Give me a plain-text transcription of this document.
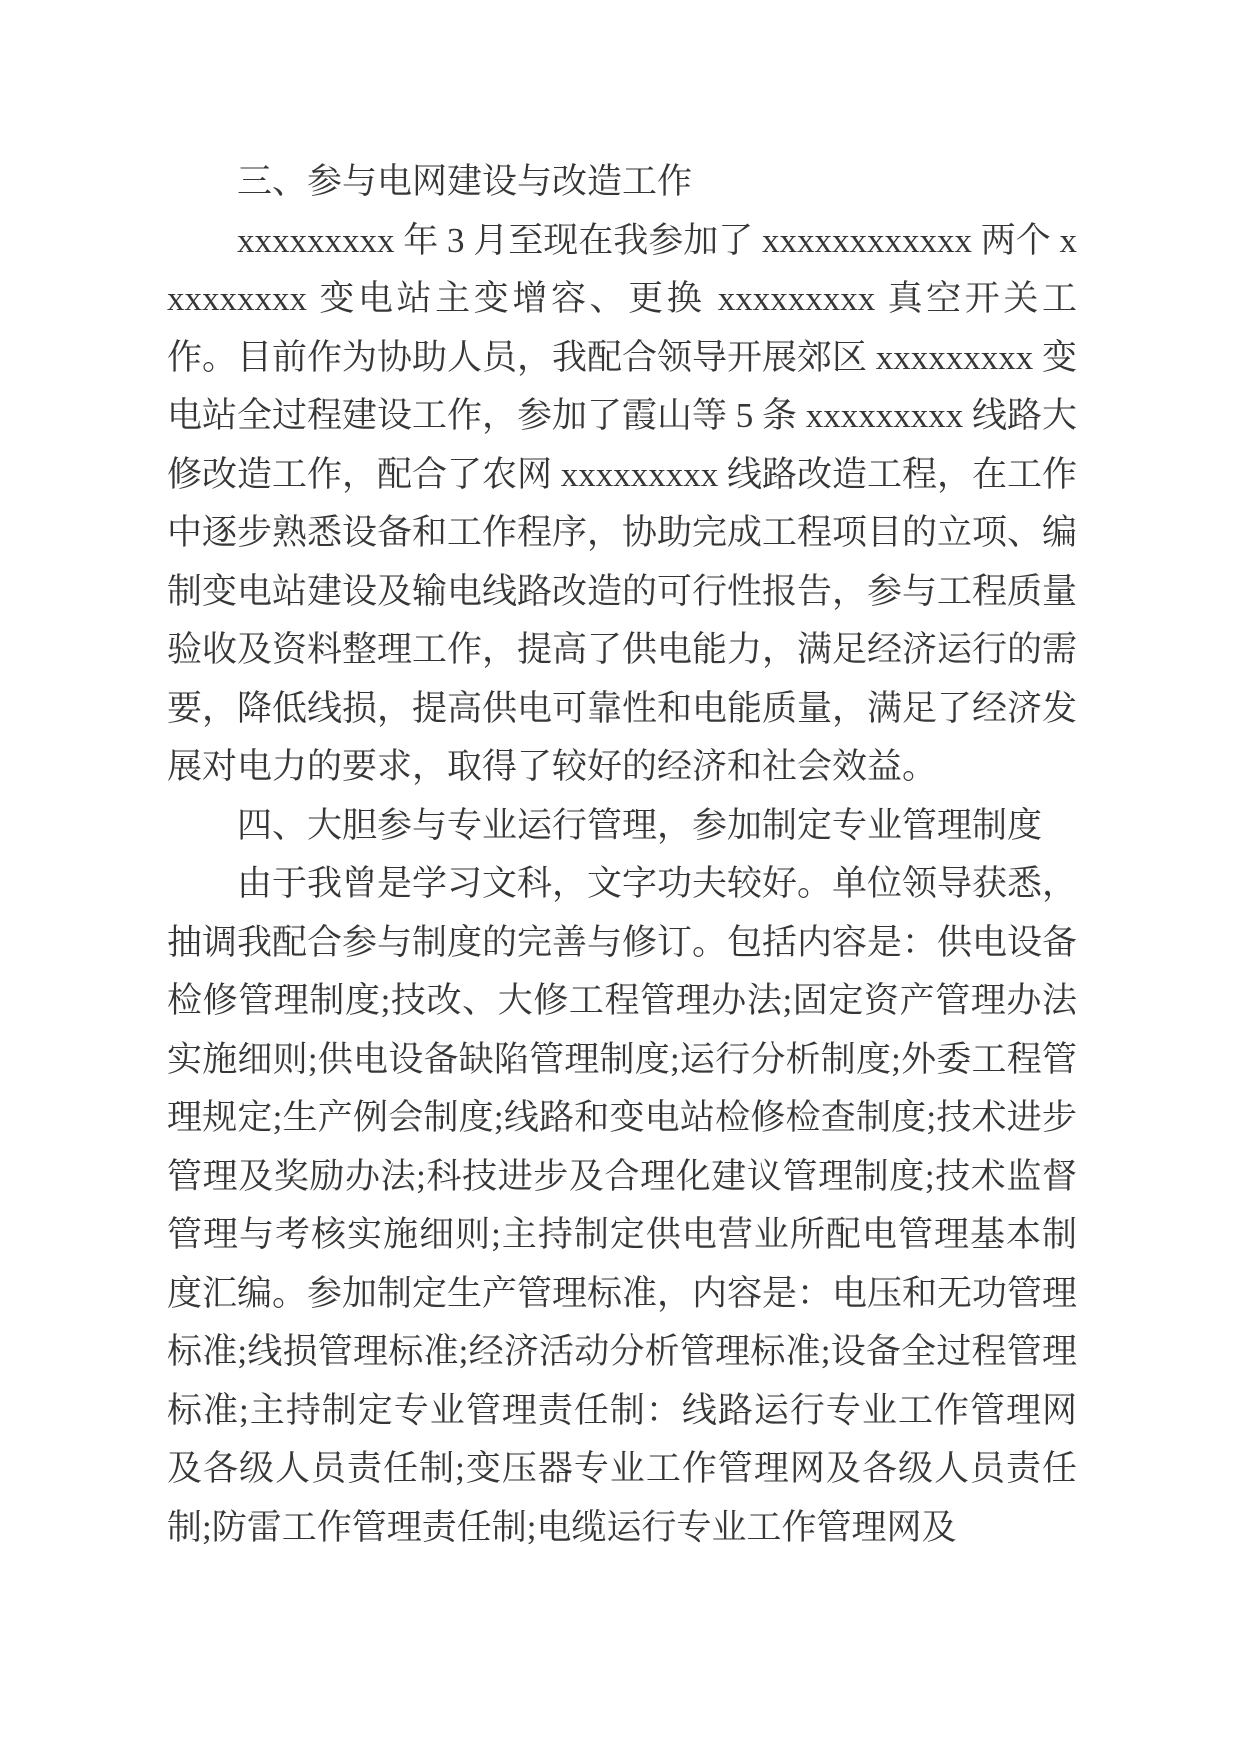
三、参与电网建设与改造工作

xxxxxxxxx 年 3 月至现在我参加了 xxxxxxxxxxxx 两个 xxxxxxxxx 变电站主变增容、更换 xxxxxxxxx 真空开关工作。目前作为协助人员，我配合领导开展郊区 xxxxxxxxx 变电站全过程建设工作，参加了霞山等 5 条 xxxxxxxxx 线路大修改造工作，配合了农网 xxxxxxxxx 线路改造工程，在工作中逐步熟悉设备和工作程序，协助完成工程项目的立项、编制变电站建设及输电线路改造的可行性报告，参与工程质量验收及资料整理工作，提高了供电能力，满足经济运行的需要，降低线损，提高供电可靠性和电能质量，满足了经济发展对电力的要求，取得了较好的经济和社会效益。

四、大胆参与专业运行管理，参加制定专业管理制度

由于我曾是学习文科，文字功夫较好。单位领导获悉，抽调我配合参与制度的完善与修订。包括内容是：供电设备检修管理制度;技改、大修工程管理办法;固定资产管理办法实施细则;供电设备缺陷管理制度;运行分析制度;外委工程管理规定;生产例会制度;线路和变电站检修检查制度;技术进步管理及奖励办法;科技进步及合理化建议管理制度;技术监督管理与考核实施细则;主持制定供电营业所配电管理基本制度汇编。参加制定生产管理标准，内容是：电压和无功管理标准;线损管理标准;经济活动分析管理标准;设备全过程管理标准;主持制定专业管理责任制：线路运行专业工作管理网及各级人员责任制;变压器专业工作管理网及各级人员责任制;防雷工作管理责任制;电缆运行专业工作管理网及
